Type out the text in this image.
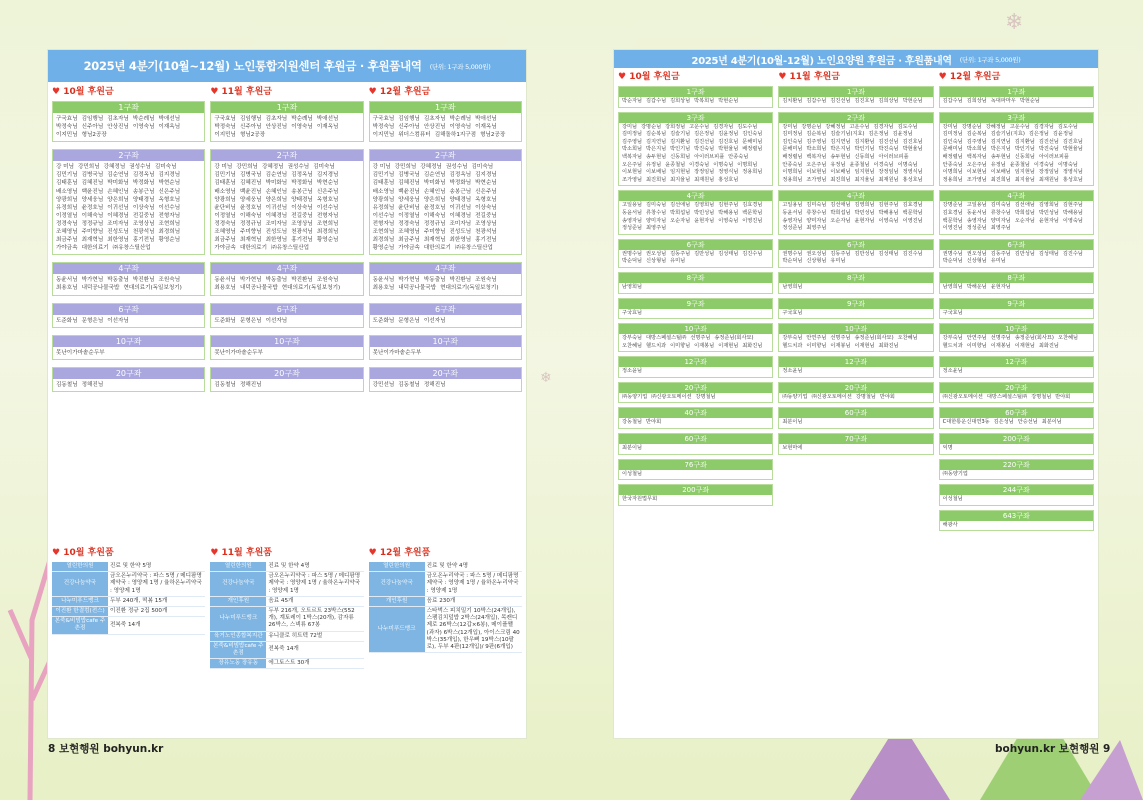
❄
❄
2025년 4분기(10월~12월) 노인통합지원센터 후원금 · 후원품내역 (단위: 1구좌 5,000원)
♥ 10월 후원금
1구좌
구국효님 김임행님 김초자님 박순례님 박애선님박정숙님 신주아님 안상진님 이영숙님 이재옥님이지민님 형님2공장
2구좌
강 미님 강민희님 강혜정님 권성수님 김미숙님김민기님 김병국님 김순연님 김정옥님 김지경님김태훈님 김혜진님 박미화님 박정화님 박현순님배소영님 백윤진님 손혜인님 송봉근님 신은주님양광희님 양세웅님 양은희님 양태경님 옥형호님유정희님 윤정호님 이귀선님 이상숙님 이선수님이정열님 이해숙님 이혜경님 전길중님 전형자님정경숙님 정정규님 조미자님 조영상님 조현희님조혜영님 주미향님 진성도님 천광석님 최경희님최금주님 최재혁님 최한영님 홍기전님 황영순님가야금속 대한의료기 ㈜유창스틸산업
4구좌
동윤서님 박가현님 박동출님 박진환님 조원숙님최용호님 내덕공나물국밥 현대의료기(독일보청기)
6구좌
도준화님 문형은님 이선자님
10구좌
못난이가마솥순두부
20구좌
김동철님 정해진님
♥ 11월 후원금
1구좌
구국효님 김임행님 김초자님 박순례님 박애선님박정숙님 신주아님 안상진님 이영숙님 이재옥님이지민님 형님2공장
2구좌
강 미님 강민희님 강혜정님 권성수님 김미숙님김민기님 김병국님 김순연님 김정옥님 김지경님김태훈님 김혜진님 박미화님 박정화님 박현순님배소영님 백윤진님 손혜인님 송봉근님 신은주님양광희님 양세웅님 양은희님 양태경님 옥형호님윤단비님 윤정호님 이귀선님 이상숙님 이선수님이정열님 이해숙님 이혜경님 전길중님 전형자님정경숙님 정정규님 조미자님 조영상님 조현희님조혜영님 주미향님 진성도님 천광석님 최경희님최금주님 최재혁님 최한영님 홍기전님 황영순님가야금속 대한의료기 ㈜유창스틸산업
4구좌
동윤서님 박가현님 박동출님 박진환님 조원숙님최용호님 내덕공나물국밥 현대의료기(독일보청기)
6구좌
도준화님 문형은님 이선자님
10구좌
못난이가마솥순두부
20구좌
김동철님 정해진님
♥ 12월 후원금
1구좌
구국효님 김임행님 김초자님 박순례님 박애선님박정숙님 신주아님 안상진님 이영숙님 이재옥님이지민님 위더스컴퓨터 김해돌하1지구점 형님2공장
2구좌
강 미님 강민희님 강혜정님 권성수님 김미숙님김민기님 김병국님 김순연님 김정옥님 김지경님김태훈님 김혜진님 박미화님 박정화님 박현순님배소영님 백윤진님 손혜인님 송봉근님 신은주님양광희님 양세웅님 양은희님 양태경님 옥형호님유정희님 윤단비님 윤정호님 이귀선님 이상숙님이선수님 이정열님 이해숙님 이혜경님 전길중님전형자님 정경숙님 정정규님 조미자님 조영상님조현희님 조혜영님 주미향님 진성도님 천광석님최경희님 최금주님 최재혁님 최한영님 홍기전님황영순님 가야금속 대한의료기 ㈜유창스틸산업
4구좌
동윤서님 박가현님 박동출님 박진환님 조원숙님최용호님 내덕공나물국밥 현대의료기(독일보청기)
6구좌
도준화님 문형은님 이선자님
10구좌
못난이가마솥순두부
20구좌
강민선님 김동철님 정해진님
♥ 10월 후원품
열린한의원	진료 및 한약 5명
건강나눔약국	금오온누리약국 : 파스 5명 / 메디팜명제약국 : 영양제 1명 / 율하온누리약국 : 영양제 1명
나누미푸드뱅크	두부 240개, 떡볶 15개
이진환 한결컴(전스)	이진환 정규 2집 500개
본죽&비빔밥cafe 주촌점	전복죽 14개
♥ 11월 후원품
열린한의원	진료 및 한약 4명
건강나눔약국	금오온누리약국 : 파스 5명 / 메디팜명제약국 : 영양제 1명 / 율하온누리약국 : 영양제 1명
개인후원	음료 45개
나누미푸드뱅크	두부 216개, 오트르트 23박스(552개), 계토레이 1박스(20개), 감자류 26박스, 스넥류 67봉
육거노인종합복지관	유니클로 히트텍 72벌
본죽&비빔밥cafe 주촌점	전복죽 14개
장유노동 장유동	에그토스트 30개
♥ 12월 후원품
열린한의원	진료 및 한약 4명
건강나눔약국	금오온누리약국 : 파스 5명 / 메디팜명제약국 : 영양제 1명 / 율하온누리약국 : 영양제 1명
개인후원	음료 230개
나누미푸드뱅크	스타벅스 피치밀기 10박스(24개입), 스팸김치덮밥 2박스(24개입), 목캔디 제로 26박스(12갑×6봉), 메이플쨀(과자) 6박스(12개입), 아이스크림 40박스(35개입), 한우뼈 19박스(10팔로), 두부 4판(12개입)/ 9판(6개입)
8 보현행원 bohyun.kr
2025년 4분기(10월-12월) 노인요양원 후원금 · 후원품내역 (단위: 1구좌 5,000원)
♥ 10월 후원금
1구좌
박순자님 김갑수님 김희상님 박복희님 박현순님
3구좌
강미님 강명순님 강희정님 고운수님 김경자님 김도수님김미정님 김순복님 김슬기님 김은정님 김윤정님 김인숙님김주영님 김지연님 김지환님 김진선님 김진호님 문해미님박소희님 박은지님 박인기님 박진숙님 박현율님 배정렬님백복자님 송두현님 신동희님 아이러브피플 안종숙님오은주님 유정님 윤종철님 이경숙님 이명숙님 이명희님이보현님 이보배님 임지현님 장정임님 정영식님 정용희님조가영님 최진희님 최지율님 최재원님 홍성호님
4구좌
고일용님 김미숙님 김선애님 김영희님 김현주님 김효경님동윤서님 류창수님 박희섭님 박민성님 박해용님 백문학님송영자님 양미자님 오순자님 윤현자님 이영숙님 이영진님정성준님 최영주님
6구좌
권명수님 권오성님 김동주님 김만성님 김성태님 김진수님박순덕님 신상형님 유미님
8구좌
남영희님
9구좌
구국효님
10구좌
강부숙님 대방스페셜스틸㈜ 선명주님 송정준님(회사묘)오찬혜님 헬드치과 이미향님 이재봉님 이재현님 최화진님
12구좌
정소윤님
20구좌
㈜동양기업 ㈜신광오토메이션 강명철님
40구좌
강동철님 반야회
60구좌
최분이님
76구좌
이성철님
200구좌
한국자원법무회
♥ 11월 후원금
1구좌
김치환님 김갑수님 김진선님 김진호님 김희상님 박현순님
2구좌
강미님 강명순님 강혜정님 고운수님 김경자님 김도수님김미정님 김순복님 김슬기님(지효) 김은정님 김윤정님김인숙님 김주영님 김지연님 김지환님 김진선님 김진호님문해미님 박소희님 박은지님 박인기님 박진숙님 박현율님배정렬님 백복자님 송두현님 신동희님 아이러브피플안종숙님 오은주님 유정님 윤종철님 이경숙님 이명숙님이명희님 이보현님 이보배님 임지현님 장정임님 정영식님정용희님 조가영님 최진희님 최지율님 최재원님 홍성호님
4구좌
고일용님 김미숙님 김선애님 김영희님 김현주님 김효경님동윤서님 류창수님 박희섭님 박민성님 박해용님 백문학님송영자님 양미자님 오순자님 윤현자님 이영숙님 이영진님정성준님 최영주님
6구좌
권명수님 권오성님 김동주님 김만성님 김성태님 김진수님박순덕님 신상형님 유미님
8구좌
남영희님
9구좌
구국효님
10구좌
강부숙님 안연주님 선명주님 송정준님(회사묘) 오찬혜님헬드치과 이미향님 이재봉님 이재현님 최화진님
12구좌
정소윤님
20구좌
㈜동양기업 ㈜신광오토메이션 강명철님 반야회
60구좌
최분이님
70구좌
보현마에
♥ 12월 후원금
1구좌
김갑수님 김희상님 녹대파마우 박현순님
3구좌
강미님 강명순님 강혜정님 고운수님 김경자님 김도수님김미정님 김순복님 김슬기님(지효) 김은정님 김윤정님김인숙님 김주영님 김지연님 김지환님 김진선님 김진호님문해미님 박소희님 박은지님 박인기님 박진숙님 박현율님배정렬님 백복자님 송두현님 신동희님 아이러브피플안종숙님 오은주님 유정님 윤종철님 이경숙님 이명숙님이명희님 이보현님 이보배님 임지현님 장정임님 정영식님정용희님 조가영님 최진희님 최지율님 최재원님 홍성호님
4구좌
강명준님 고일용님 김미숙님 김선애님 김영희님 김현주님김효경님 동윤서님 류창수님 박희섭님 박민성님 박해용님백문학님 송영자님 양미자님 오순자님 윤현자님 이영숙님이영진님 정성준님 최영주님
6구좌
권명수님 권오성님 김동주님 김만성님 김성태님 김진수님박순덕님 신상형님 유미님
8구좌
남영희님 박해운님 윤현자님
9구좌
구국효님
10구좌
강부숙님 안연주님 선명주님 송정준님(회사묘) 오찬혜님헬드치과 이미향님 이재봉님 이재현님 최화진님
12구좌
정소윤님
20구좌
㈜신광오토메이션 대방스페셜스틸㈜ 강명철님 반야회
60구좌
C대한통운신대연3동 김은성님 안승선님 최분이님
200구좌
익명
220구좌
㈜동양기업
244구좌
이성철님
643구좌
해광사
bohyun.kr 보현행원 9
